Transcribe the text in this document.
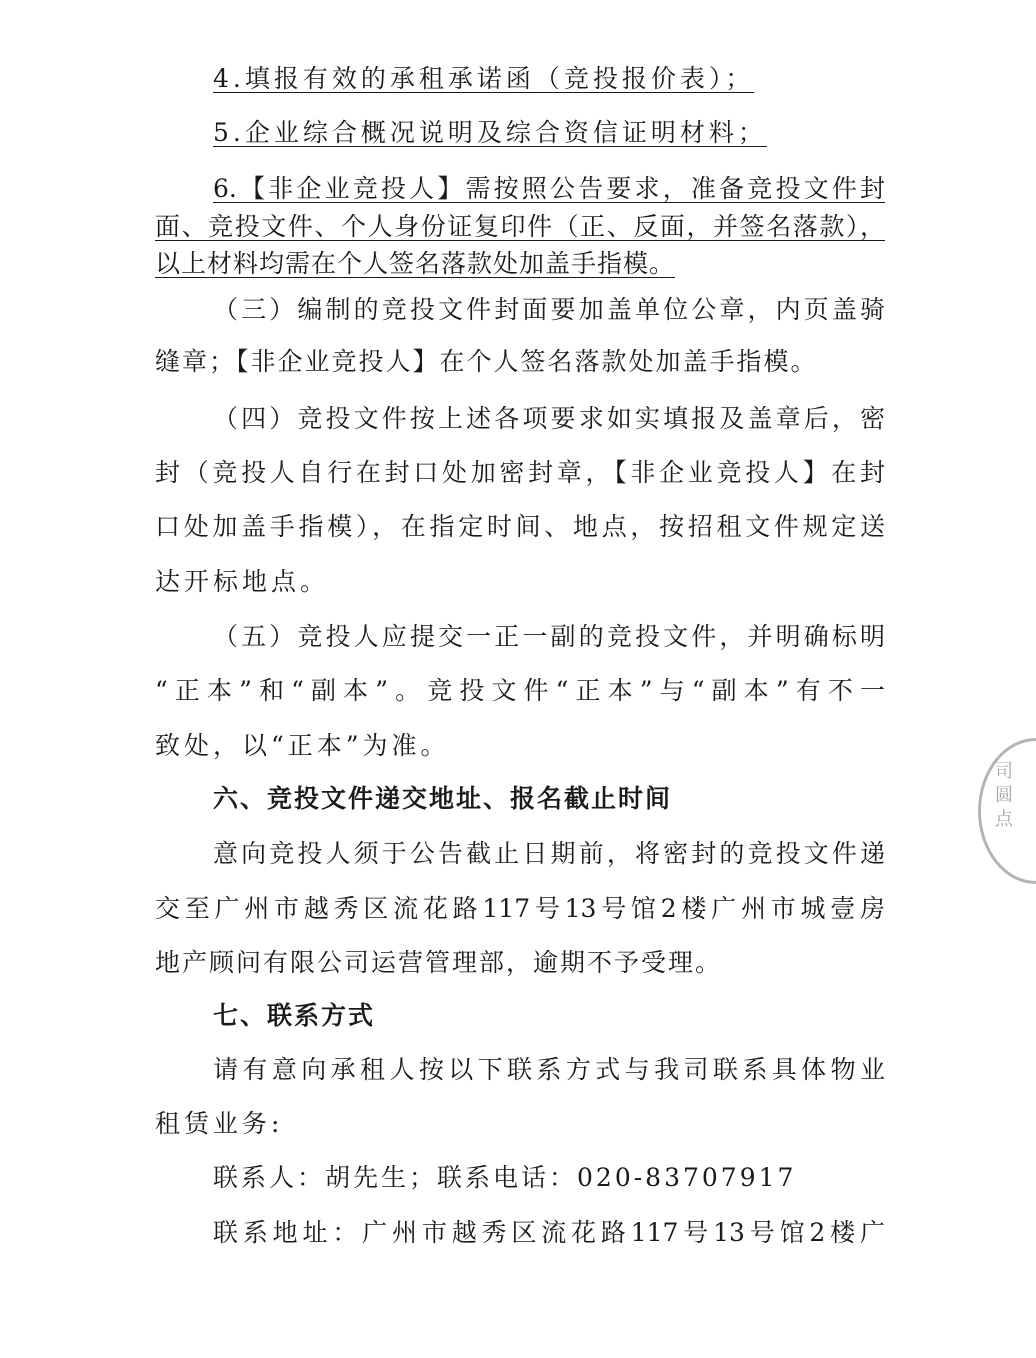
4.填报有效的承租承诺函（竞投报价表）；

5.企业综合概况说明及综合资信证明材料；

6.【非企业竞投人】需按照公告要求，准备竞投文件封

面、竞投文件、个人身份证复印件（正、反面，并签名落款），

以上材料均需在个人签名落款处加盖手指模。

（三）编制的竞投文件封面要加盖单位公章，内页盖骑

缝章；【非企业竞投人】在个人签名落款处加盖手指模。

（四）竞投文件按上述各项要求如实填报及盖章后，密

封（竞投人自行在封口处加密封章，【非企业竞投人】在封

口处加盖手指模），在指定时间、地点，按招租文件规定送

达开标地点。

（五）竞投人应提交一正一副的竞投文件，并明确标明

“正本”和“副本”。竞投文件“正本”与“副本”有不一

致处，以“正本”为准。

六、竞投文件递交地址、报名截止时间

意向竞投人须于公告截止日期前，将密封的竞投文件递

交至广州市越秀区流花路117号13号馆2楼广州市城壹房

地产顾问有限公司运营管理部，逾期不予受理。

七、联系方式

请有意向承租人按以下联系方式与我司联系具体物业

租赁业务:

联系人：胡先生；联系电话：020-83707917

联系地址：广州市越秀区流花路117号13号馆2楼广

司 圆 点
